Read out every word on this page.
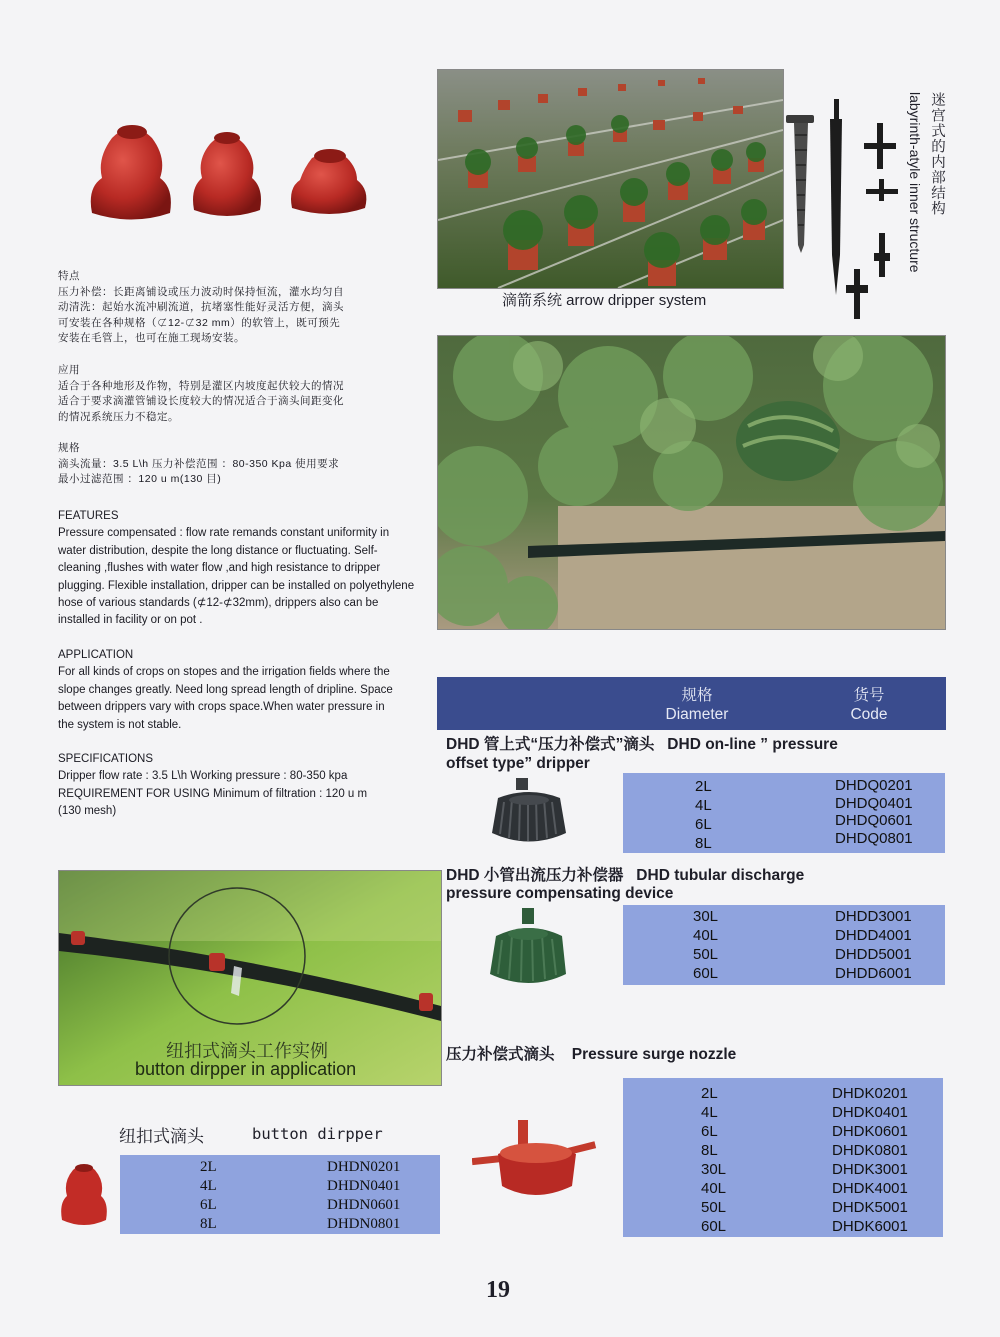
特点
压力补偿：长距离铺设或压力波动时保持恒流，灌水均匀自
动清洗：起始水流冲刷流道，抗堵塞性能好灵活方便，滴头
可安装在各种规格（⊄12-⊄32 mm）的软管上，既可预先
安装在毛管上，也可在施工现场安装。
应用
适合于各种地形及作物，特别是灌区内坡度起伏较大的情况
适合于要求滴灌管铺设长度较大的情况适合于滴头间距变化
的情况系统压力不稳定。
规格
滴头流量：3.5 L\h 压力补偿范围 ：80-350 Kpa 使用要求
最小过滤范围 ：120 u m(130 目)
FEATURES
Pressure compensated : flow rate remands constant uniformity in
water distribution, despite the long distance or fluctuating. Self-
cleaning ,flushes with water flow ,and high resistance to dripper
plugging. Flexible installation, dripper can be installed on polyethylene
hose of various standards (⊄12-⊄32mm), drippers also can be
installed in facility or on pot .
APPLICATION
For all kinds of crops on stopes and the irrigation fields where the
slope changes greatly. Need long spread length of dripline. Space
between drippers vary with crops space.When water pressure in
the system is not stable.
SPECIFICATIONS
Dripper flow rate : 3.5 L\h Working pressure : 80-350 kpa
REQUIREMENT FOR USING Minimum of filtration : 120 u m
(130 mesh)
滴箭系统 arrow dripper system
迷宫式的内部结构
labyrinth-atyle inner structure
规格
Diameter
货号
Code
DHD 管上式“压力补偿式”滴头   DHD on-line ” pressure
offset type” dripper
2L
4L
6L
8L
DHDQ0201
DHDQ0401
DHDQ0601
DHDQ0801
DHD 小管出流压力补偿器   DHD tubular discharge
pressure compensating device
30L
40L
50L
60L
DHDD3001
DHDD4001
DHDD5001
DHDD6001
纽扣式滴头工作实例
button dirpper in application
压力补偿式滴头    Pressure surge nozzle
2L
4L
6L
8L
30L
40L
50L
60L
DHDK0201
DHDK0401
DHDK0601
DHDK0801
DHDK3001
DHDK4001
DHDK5001
DHDK6001
纽扣式滴头	button dirpper
2L
4L
6L
8L
DHDN0201
DHDN0401
DHDN0601
DHDN0801
19
